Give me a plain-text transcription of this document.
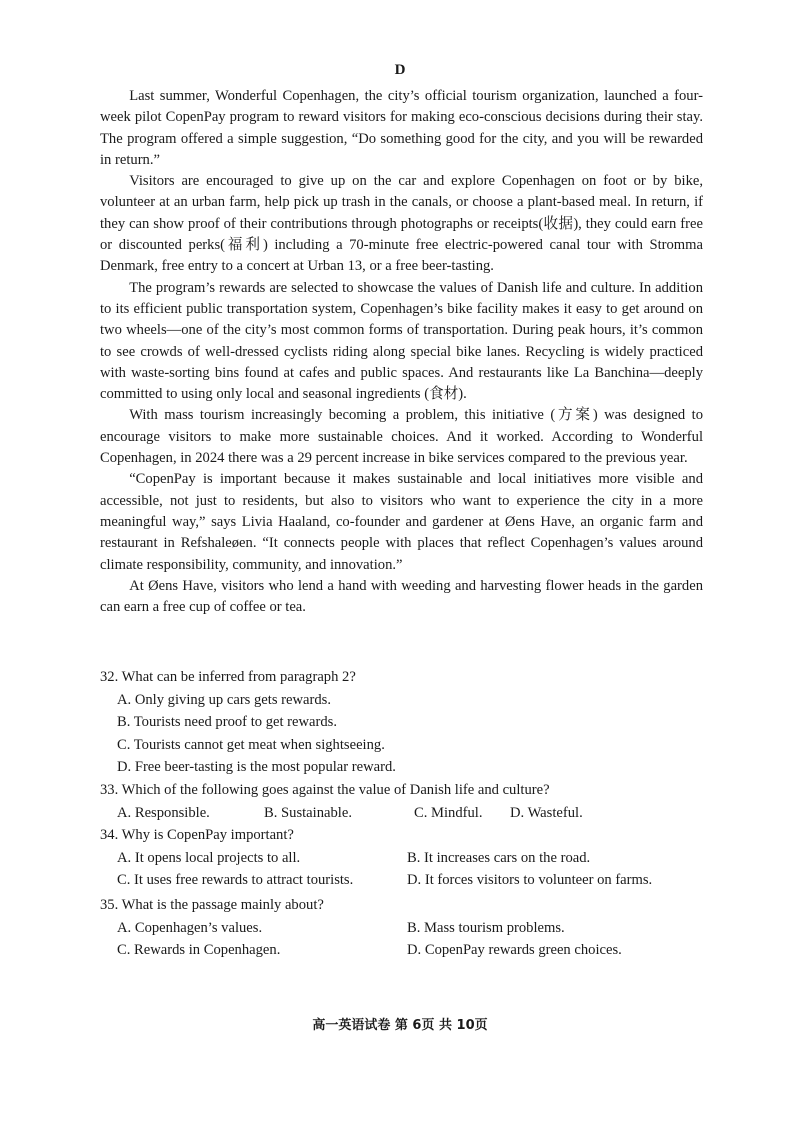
D

Last summer, Wonderful Copenhagen, the city’s official tourism organization, launched a four-week pilot CopenPay program to reward visitors for making eco-conscious decisions during their stay. The program offered a simple suggestion, “Do something good for the city, and you will be rewarded in return.”

Visitors are encouraged to give up on the car and explore Copenhagen on foot or by bike, volunteer at an urban farm, help pick up trash in the canals, or choose a plant-based meal. In return, if they can show proof of their contributions through photographs or receipts(收据), they could earn free or discounted perks(福利) including a 70-minute free electric-powered canal tour with Stromma Denmark, free entry to a concert at Urban 13, or a free beer-tasting.

The program’s rewards are selected to showcase the values of Danish life and culture. In addition to its efficient public transportation system, Copenhagen’s bike facility makes it easy to get around on two wheels—one of the city’s most common forms of transportation. During peak hours, it’s common to see crowds of well-dressed cyclists riding along special bike lanes. Recycling is widely practiced with waste-sorting bins found at cafes and public spaces. And restaurants like La Banchina—deeply committed to using only local and seasonal ingredients (食材).

With mass tourism increasingly becoming a problem, this initiative (方案) was designed to encourage visitors to make more sustainable choices. And it worked. According to Wonderful Copenhagen, in 2024 there was a 29 percent increase in bike services compared to the previous year.

“CopenPay is important because it makes sustainable and local initiatives more visible and accessible, not just to residents, but also to visitors who want to experience the city in a more meaningful way,” says Livia Haaland, co-founder and gardener at Øens Have, an organic farm and restaurant in Refshaleøen. “It connects people with places that reflect Copenhagen’s values around climate responsibility, community, and innovation.”

At Øens Have, visitors who lend a hand with weeding and harvesting flower heads in the garden can earn a free cup of coffee or tea.

32. What can be inferred from paragraph 2?

A. Only giving up cars gets rewards.
B. Tourists need proof to get rewards.
C. Tourists cannot get meat when sightseeing.
D. Free beer-tasting is the most popular reward.

33. Which of the following goes against the value of Danish life and culture?

A. Responsible.	B. Sustainable.	C. Mindful.	D. Wasteful.

34. Why is CopenPay important?

A. It opens local projects to all.	B. It increases cars on the road.
C. It uses free rewards to attract tourists.	D. It forces visitors to volunteer on farms.

35. What is the passage mainly about?

A. Copenhagen’s values.	B. Mass tourism problems.
C. Rewards in Copenhagen.	D. CopenPay rewards green choices.
高一英语试卷 第 6页 共 10页
